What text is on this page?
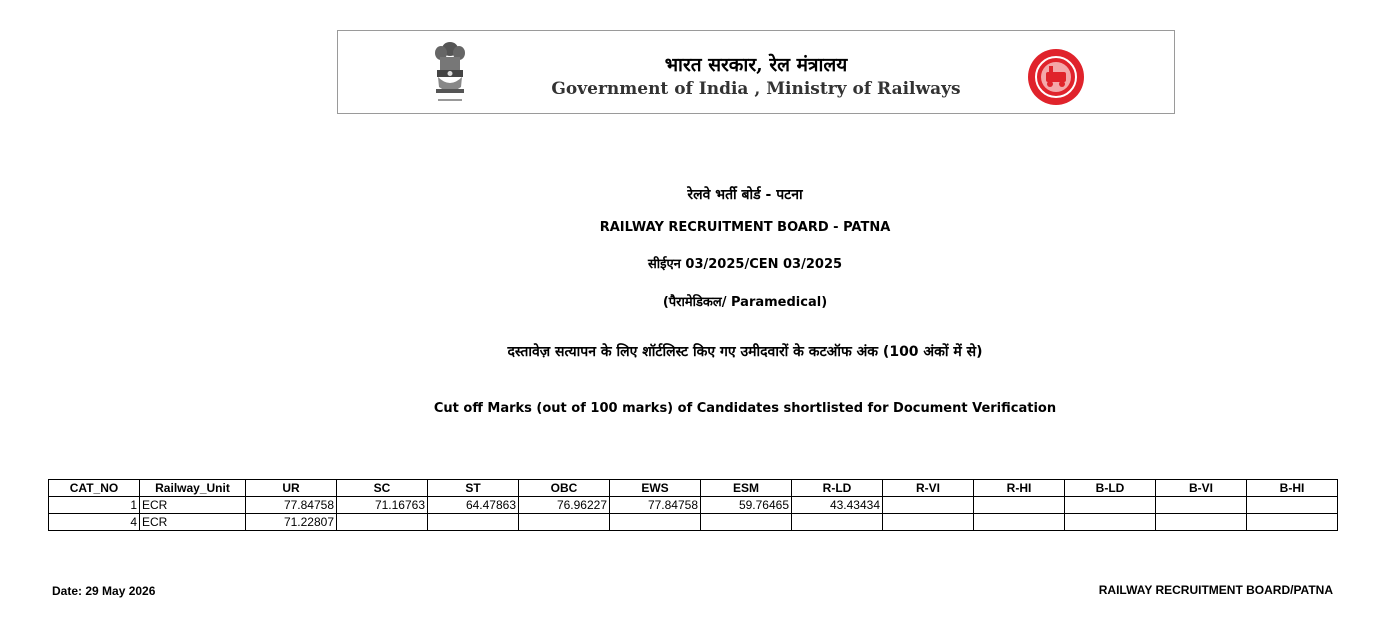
भारत सरकार, रेल मंत्रालय
Government of India , Ministry of Railways
रेलवे भर्ती बोर्ड - पटना
RAILWAY RECRUITMENT BOARD - PATNA
सीईएन 03/2025/CEN 03/2025
(पैरामेडिकल/ Paramedical)
दस्तावेज़ सत्यापन के लिए शॉर्टलिस्ट किए गए उमीदवारों के कटऑफ अंक (100 अंकों में से)
Cut off Marks (out of 100 marks) of Candidates shortlisted for Document Verification
CAT_NO	Railway_Unit	UR	SC	ST	OBC	EWS	ESM	R-LD	R-VI	R-HI	B-LD	B-VI	B-HI
1	ECR	77.84758	71.16763	64.47863	76.96227	77.84758	59.76465	43.43434					
4	ECR	71.22807											
Date: 29 May 2026	RAILWAY RECRUITMENT BOARD/PATNA
